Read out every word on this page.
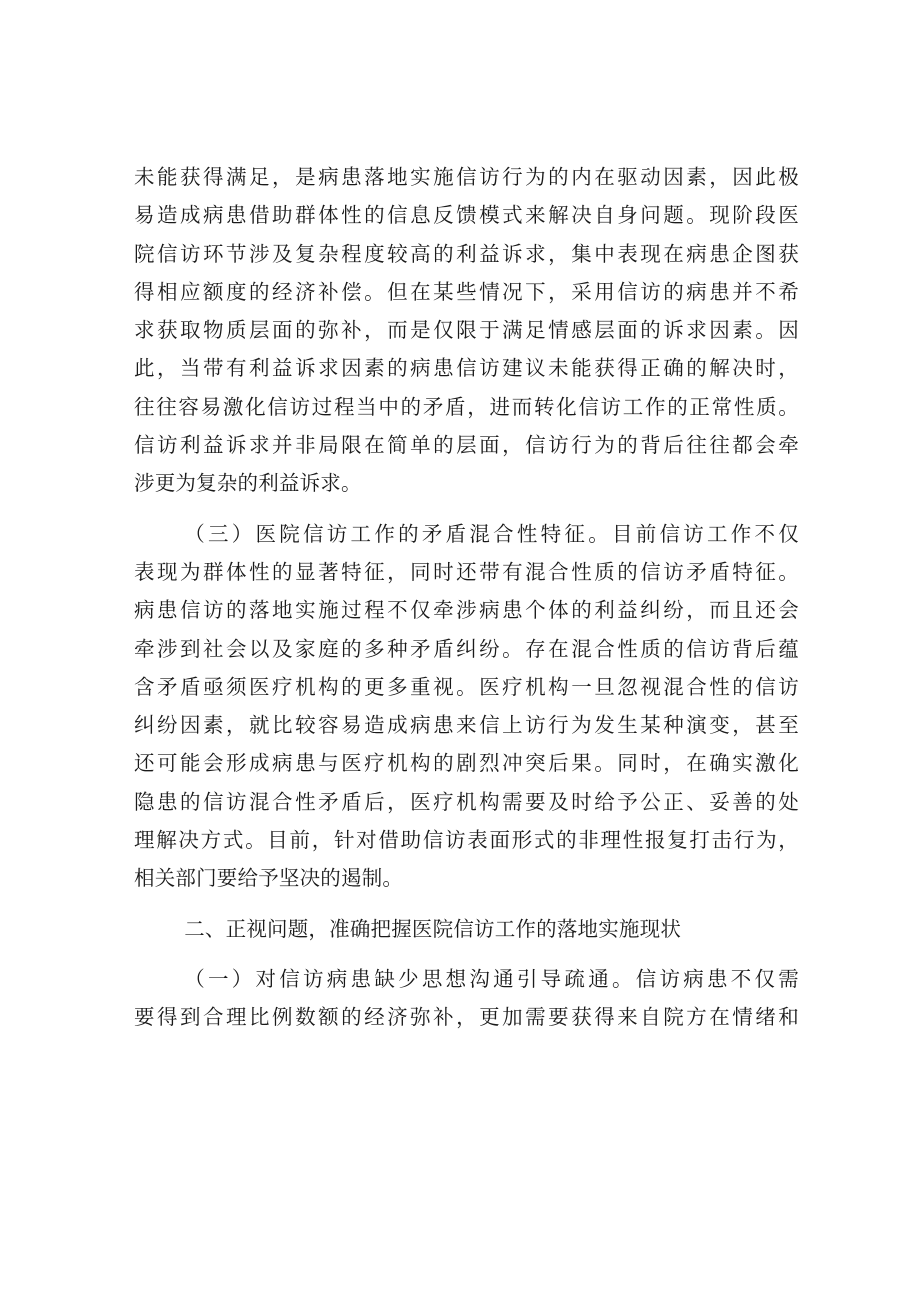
未能获得满足，是病患落地实施信访行为的内在驱动因素，因此极
易造成病患借助群体性的信息反馈模式来解决自身问题。现阶段医
院信访环节涉及复杂程度较高的利益诉求，集中表现在病患企图获
得相应额度的经济补偿。但在某些情况下，采用信访的病患并不希
求获取物质层面的弥补，而是仅限于满足情感层面的诉求因素。因
此，当带有利益诉求因素的病患信访建议未能获得正确的解决时，
往往容易激化信访过程当中的矛盾，进而转化信访工作的正常性质。
信访利益诉求并非局限在简单的层面，信访行为的背后往往都会牵
涉更为复杂的利益诉求。
（三）医院信访工作的矛盾混合性特征。目前信访工作不仅
表现为群体性的显著特征，同时还带有混合性质的信访矛盾特征。
病患信访的落地实施过程不仅牵涉病患个体的利益纠纷，而且还会
牵涉到社会以及家庭的多种矛盾纠纷。存在混合性质的信访背后蕴
含矛盾亟须医疗机构的更多重视。医疗机构一旦忽视混合性的信访
纠纷因素，就比较容易造成病患来信上访行为发生某种演变，甚至
还可能会形成病患与医疗机构的剧烈冲突后果。同时，在确实激化
隐患的信访混合性矛盾后，医疗机构需要及时给予公正、妥善的处
理解决方式。目前，针对借助信访表面形式的非理性报复打击行为，
相关部门要给予坚决的遏制。

二、正视问题，准确把握医院信访工作的落地实施现状

（一）对信访病患缺少思想沟通引导疏通。信访病患不仅需
要得到合理比例数额的经济弥补，更加需要获得来自院方在情绪和
